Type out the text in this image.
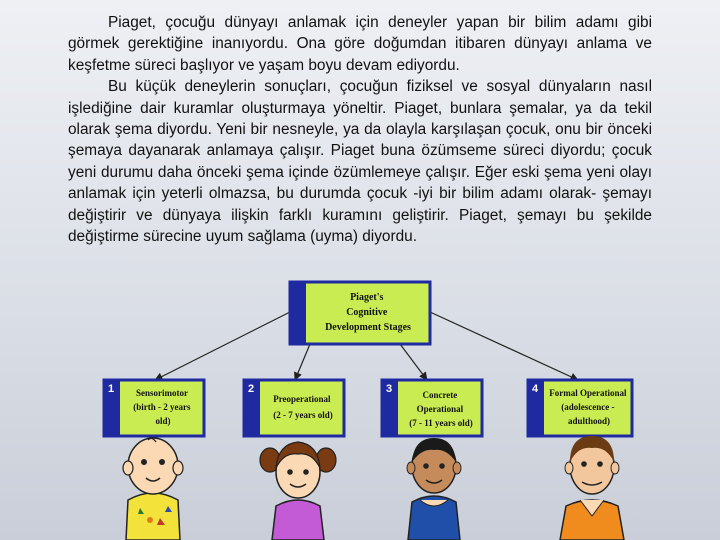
Piaget, çocuğu dünyayı anlamak için deneyler yapan bir bilim adamı gibi görmek gerektiğine inanıyordu. Ona göre doğumdan itibaren dünyayı anlama ve keşfetme süreci başlıyor ve yaşam boyu devam ediyordu.

Bu küçük deneylerin sonuçları, çocuğun fiziksel ve sosyal dünyaların nasıl işlediğine dair kuramlar oluşturmaya yöneltir. Piaget, bunlara şemalar, ya da tekil olarak şema diyordu. Yeni bir nesneyle, ya da olayla karşılaşan çocuk, onu bir önceki şemaya dayanarak anlamaya çalışır. Piaget buna özümseme süreci diyordu; çocuk yeni durumu daha önceki şema içinde özümlemeye çalışır. Eğer eski şema yeni olayı anlamak için yeterli olmazsa, bu durumda çocuk -iyi bir bilim adamı olarak- şemayı değiştirir ve dünyaya ilişkin farklı kuramını geliştirir. Piaget, şemayı bu şekilde değiştirme sürecine uyum sağlama (uyma) diyordu.

Piaget's Cognitive Development Stages
1	Sensorimotor (birth - 2 years old)
2
Preoperational (2 - 7 years old)
3	Concrete Operational (7 - 11 years old)
4 Formal Operational (adolescence - adulthood)
